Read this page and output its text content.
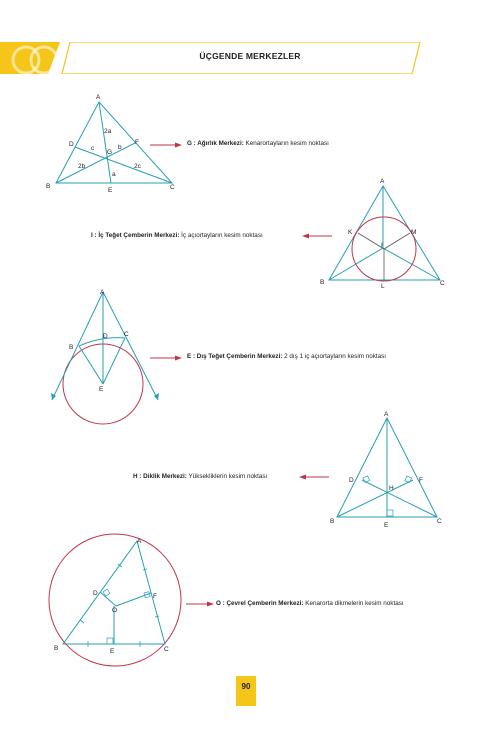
ÜÇGENDE MERKEZLER
A
B	C
D
E
F
G
2a
2b	2c
a
b
c
G : Ağırlık Merkezi: Kenarortayların kesim noktası
A
B	C
K	M
L
I
I : İç Teğet Çemberin Merkezi: İç açıortayların kesim noktası
A
B
C
D
E
E : Dış Teğet Çemberin Merkezi: 2 dış 1 iç açıortayların kesim noktası
A
B	C
D
E
F
H
H : Diklik Merkezi: Yüksekliklerin kesim noktası
A
B	C
D
E
F
O
O : Çevrel Çemberin Merkezi: Kenarorta dikmelerin kesim noktası
90
